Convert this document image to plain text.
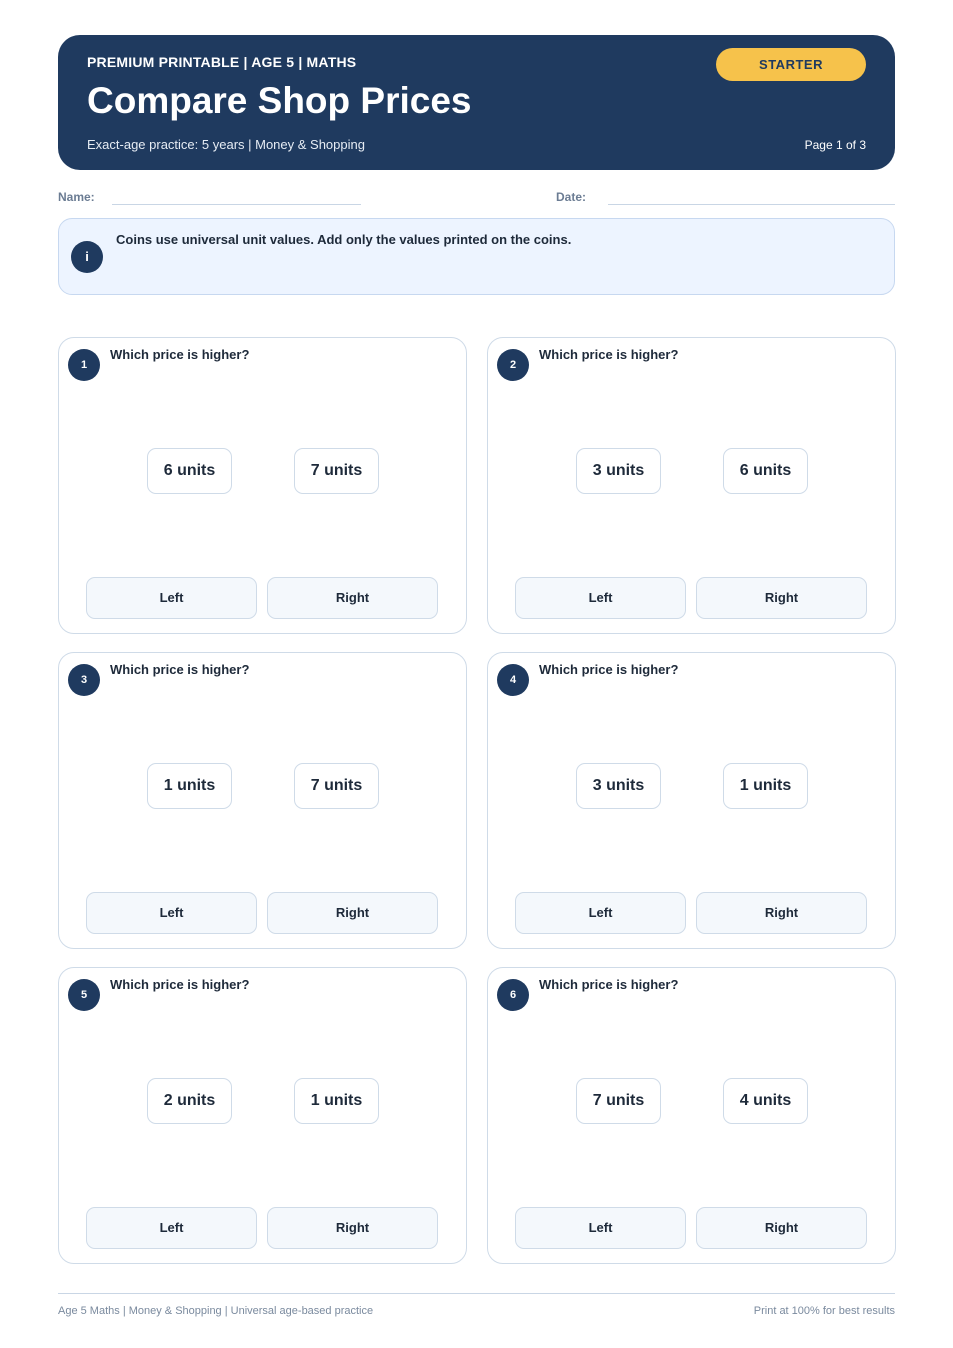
PREMIUM PRINTABLE | AGE 5 | MATHS
Compare Shop Prices
Exact-age practice: 5 years | Money & Shopping
STARTER
Page 1 of 3
Name:	Date:
i
Coins use universal unit values. Add only the values printed on the coins.
1
Which price is higher?
6 units	7 units
Left	Right
2
Which price is higher?
3 units	6 units
Left	Right
3
Which price is higher?
1 units	7 units
Left	Right
4
Which price is higher?
3 units	1 units
Left	Right
5
Which price is higher?
2 units	1 units
Left	Right
6
Which price is higher?
7 units	4 units
Left	Right
Age 5 Maths | Money & Shopping | Universal age-based practice	Print at 100% for best results
